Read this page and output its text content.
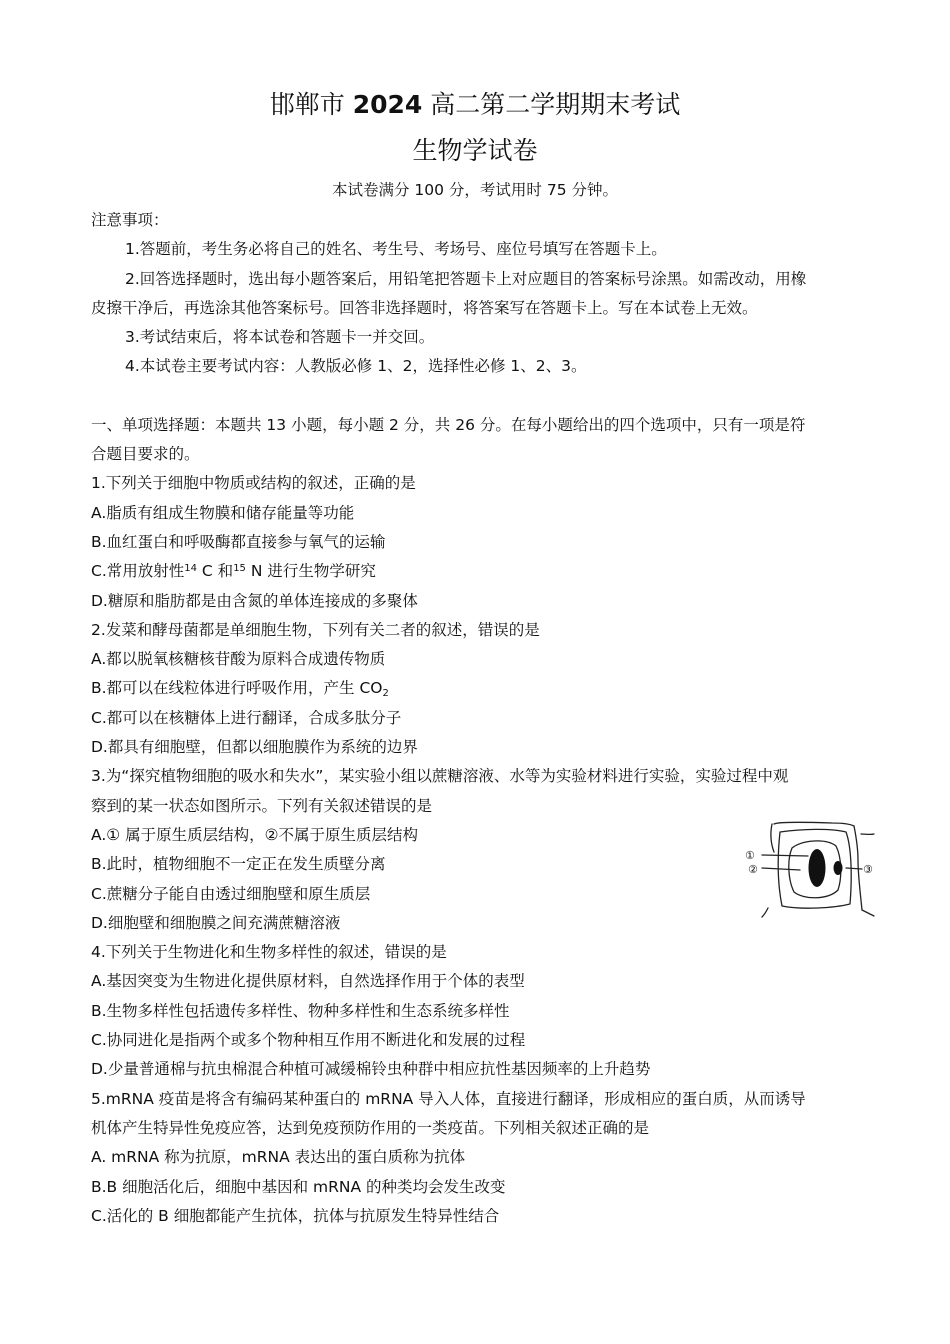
邯郸市 2024 高二第二学期期末考试
生物学试卷
本试卷满分 100 分，考试用时 75 分钟。
注意事项：
1.答题前，考生务必将自己的姓名、考生号、考场号、座位号填写在答题卡上。
2.回答选择题时，选出每小题答案后，用铅笔把答题卡上对应题目的答案标号涂黑。如需改动，用橡
皮擦干净后，再选涂其他答案标号。回答非选择题时，将答案写在答题卡上。写在本试卷上无效。
3.考试结束后，将本试卷和答题卡一并交回。
4.本试卷主要考试内容：人教版必修 1、2，选择性必修 1、2、3。
一、单项选择题：本题共 13 小题，每小题 2 分，共 26 分。在每小题给出的四个选项中，只有一项是符
合题目要求的。
1.下列关于细胞中物质或结构的叙述，正确的是
A.脂质有组成生物膜和储存能量等功能
B.血红蛋白和呼吸酶都直接参与氧气的运输
C.常用放射性$^{14}$ C 和$^{15}$ N 进行生物学研究
D.糖原和脂肪都是由含氮的单体连接成的多聚体
2.发菜和酵母菌都是单细胞生物，下列有关二者的叙述，错误的是
A.都以脱氧核糖核苷酸为原料合成遗传物质
B.都可以在线粒体进行呼吸作用，产生 $CO_2$
C.都可以在核糖体上进行翻译，合成多肽分子
D.都具有细胞壁，但都以细胞膜作为系统的边界
3.为“探究植物细胞的吸水和失水”，某实验小组以蔗糖溶液、水等为实验材料进行实验，实验过程中观
察到的某一状态如图所示。下列有关叙述错误的是
A.① 属于原生质层结构，②不属于原生质层结构
B.此时，植物细胞不一定正在发生质壁分离
C.蔗糖分子能自由透过细胞壁和原生质层
D.细胞壁和细胞膜之间充满蔗糖溶液
4.下列关于生物进化和生物多样性的叙述，错误的是
A.基因突变为生物进化提供原材料，自然选择作用于个体的表型
B.生物多样性包括遗传多样性、物种多样性和生态系统多样性
C.协同进化是指两个或多个物种相互作用不断进化和发展的过程
D.少量普通棉与抗虫棉混合种植可减缓棉铃虫种群中相应抗性基因频率的上升趋势
5.mRNA 疫苗是将含有编码某种蛋白的 mRNA 导入人体，直接进行翻译，形成相应的蛋白质，从而诱导
机体产生特异性免疫应答，达到免疫预防作用的一类疫苗。下列相关叙述正确的是
A. mRNA 称为抗原，mRNA 表达出的蛋白质称为抗体
B.B 细胞活化后，细胞中基因和 mRNA 的种类均会发生改变
C.活化的 B 细胞都能产生抗体，抗体与抗原发生特异性结合
①
②	③
